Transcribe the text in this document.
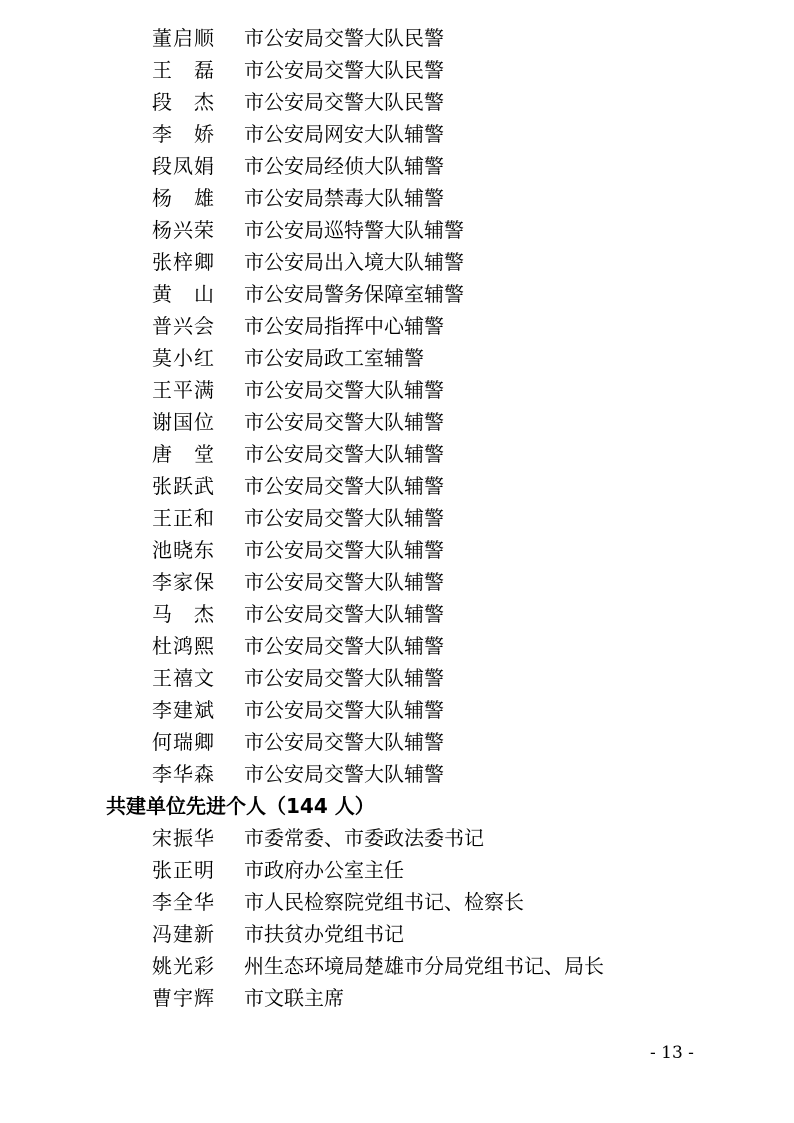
董启顺	市公安局交警大队民警
王　磊	市公安局交警大队民警
段　杰	市公安局交警大队民警
李　娇	市公安局网安大队辅警
段凤娟	市公安局经侦大队辅警
杨　雄	市公安局禁毒大队辅警
杨兴荣	市公安局巡特警大队辅警
张梓卿	市公安局出入境大队辅警
黄　山	市公安局警务保障室辅警
普兴会	市公安局指挥中心辅警
莫小红	市公安局政工室辅警
王平满	市公安局交警大队辅警
谢国位	市公安局交警大队辅警
唐　堂	市公安局交警大队辅警
张跃武	市公安局交警大队辅警
王正和	市公安局交警大队辅警
池晓东	市公安局交警大队辅警
李家保	市公安局交警大队辅警
马　杰	市公安局交警大队辅警
杜鸿熙	市公安局交警大队辅警
王禧文	市公安局交警大队辅警
李建斌	市公安局交警大队辅警
何瑞卿	市公安局交警大队辅警
李华森	市公安局交警大队辅警
共建单位先进个人（144 人）
宋振华	市委常委、市委政法委书记
张正明	市政府办公室主任
李全华	市人民检察院党组书记、检察长
冯建新	市扶贫办党组书记
姚光彩	州生态环境局楚雄市分局党组书记、局长
曹宇辉	市文联主席
- 13 -
